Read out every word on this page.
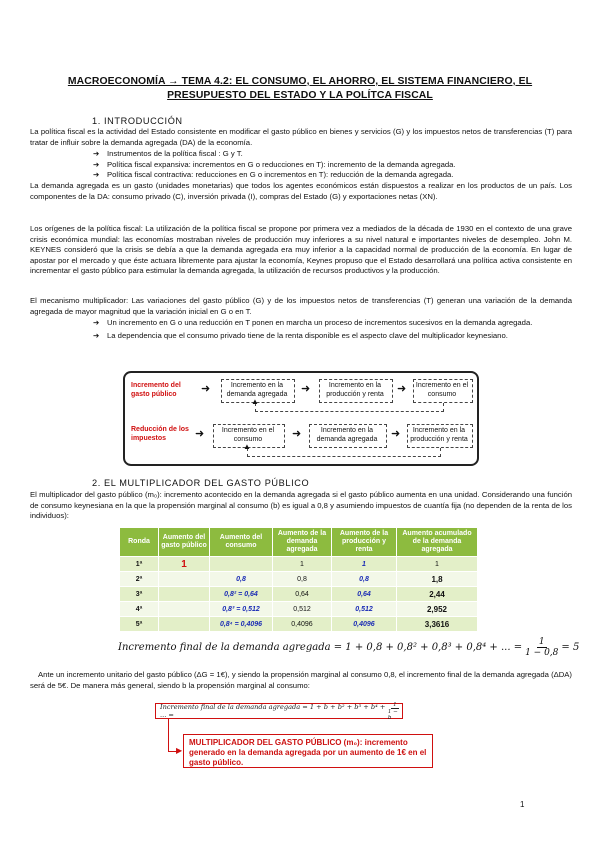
MACROECONOMÍA → TEMA 4.2: EL CONSUMO, EL AHORRO, EL SISTEMA FINANCIERO, EL
PRESUPUESTO DEL ESTADO Y LA POLÍTCA FISCAL
1. INTRODUCCIÓN
La política fiscal es la actividad del Estado consistente en modificar el gasto público en bienes y servicios (G) y los impuestos netos de transferencias (T) para tratar de influir sobre la demanda agregada (DA) de la economía.
➔ Instrumentos de la política fiscal : G y T.
➔ Política fiscal expansiva: incrementos en G o reducciones en T): incremento de la demanda agregada.
➔ Política fiscal contractiva: reducciones en G o incrementos en T): reducción de la demanda agregada.
La demanda agregada es un gasto (unidades monetarias) que todos los agentes económicos están dispuestos a realizar en los productos de un país. Los componentes de la DA: consumo privado (C), inversión privada (I), compras del Estado (G) y exportaciones netas (XN).
Los orígenes de la política fiscal: La utilización de la política fiscal se propone por primera vez a mediados de la década de 1930 en el contexto de una grave crisis económica mundial: las economías mostraban niveles de producción muy inferiores a su nivel natural e importantes niveles de desempleo. John M. KEYNES consideró que la crisis se debía a que la demanda agregada era muy inferior a la capacidad normal de producción de la economía. En lugar de apostar por el mercado y que éste actuara libremente para ajustar la economía, Keynes propuso que el Estado desarrollará una política activa consistente en incrementar el gasto público para estimular la demanda agregada, la utilización de recursos productivos y la producción.
El mecanismo multiplicador: Las variaciones del gasto público (G) y de los impuestos netos de transferencias (T) generan una variación de la demanda agregada de mayor magnitud que la variación inicial en G o en T.
➔ Un incremento en G o una reducción en T ponen en marcha un proceso de incrementos sucesivos en la demanda agregada.
➔ La dependencia que el consumo privado tiene de la renta disponible es el aspecto clave del multiplicador keynesiano.
Incremento del gasto público	➜	Incremento en la demanda agregada	➜	Incremento en la producción y renta	➜ Incremento en el consumo
▲
Reducción de los impuestos	➜	Incremento en el consumo	➜	Incremento en la demanda agregada	➜	Incremento en la producción y renta
▲
2. EL MULTIPLICADOR DEL GASTO PÚBLICO
El multiplicador del gasto público (m₀): incremento acontecido en la demanda agregada si el gasto público aumenta en una unidad. Considerando una función de consumo keynesiana en la que la propensión marginal al consumo (b) es igual a 0,8 y asumiendo impuestos de cuantía fija (no dependen de la renta de los individuos):
Ronda	Aumento del gasto público	Aumento del consumo	Aumento de la demanda agregada	Aumento de la producción y renta	Aumento acumulado de la demanda agregada
1ª	1		1	1	1
2ª		0,8	0,8	0,8	1,8
3ª		0,8² = 0,64	0,64	0,64	2,44
4ª		0,8³ = 0,512	0,512	0,512	2,952
5ª		0,8⁴ = 0,4096	0,4096	0,4096	3,3616
Incremento final de la demanda agregada = 1 + 0,8 + 0,8² + 0,8³ + 0,8⁴ + ... = $\frac{1}{1 - 0,8} = 5$
Ante un incremento unitario del gasto público (ΔG = 1€), y siendo la propensión marginal al consumo 0,8, el incremento final de la demanda agregada (ΔDA) será de 5€. De manera más general, siendo b la propensión marginal al consumo:
Incremento final de la demanda agregada = 1 + b + b² + b³ + b⁴ + ... =	$\frac{1}{1 - b}$
▶
MULTIPLICADOR DEL GASTO PÚBLICO (m₀): incremento generado en la demanda agregada por un aumento de 1€ en el gasto público.
1
